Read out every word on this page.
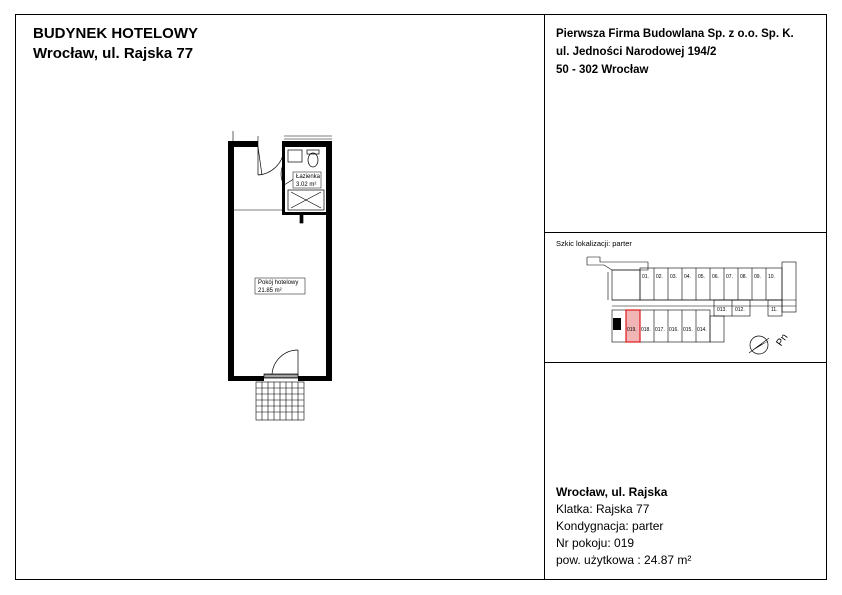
BUDYNEK HOTELOWY
Wrocław, ul. Rajska 77
Pierwsza Firma Budowlana Sp. z o.o. Sp. K.
ul. Jedności Narodowej 194/2
50 - 302 Wrocław
Szkic lokalizacji: parter
Łazienka
3.02 m²
Pokój hotelowy
21.85 m²
01. 02. 03. 04. 05. 06. 07. 08. 09. 10.
013. 012.	11.
019. 018. 017. 016. 015. 014.
Pn
Wrocław, ul. Rajska
Klatka: Rajska 77
Kondygnacja: parter
Nr pokoju: 019
pow. użytkowa : 24.87 m²
